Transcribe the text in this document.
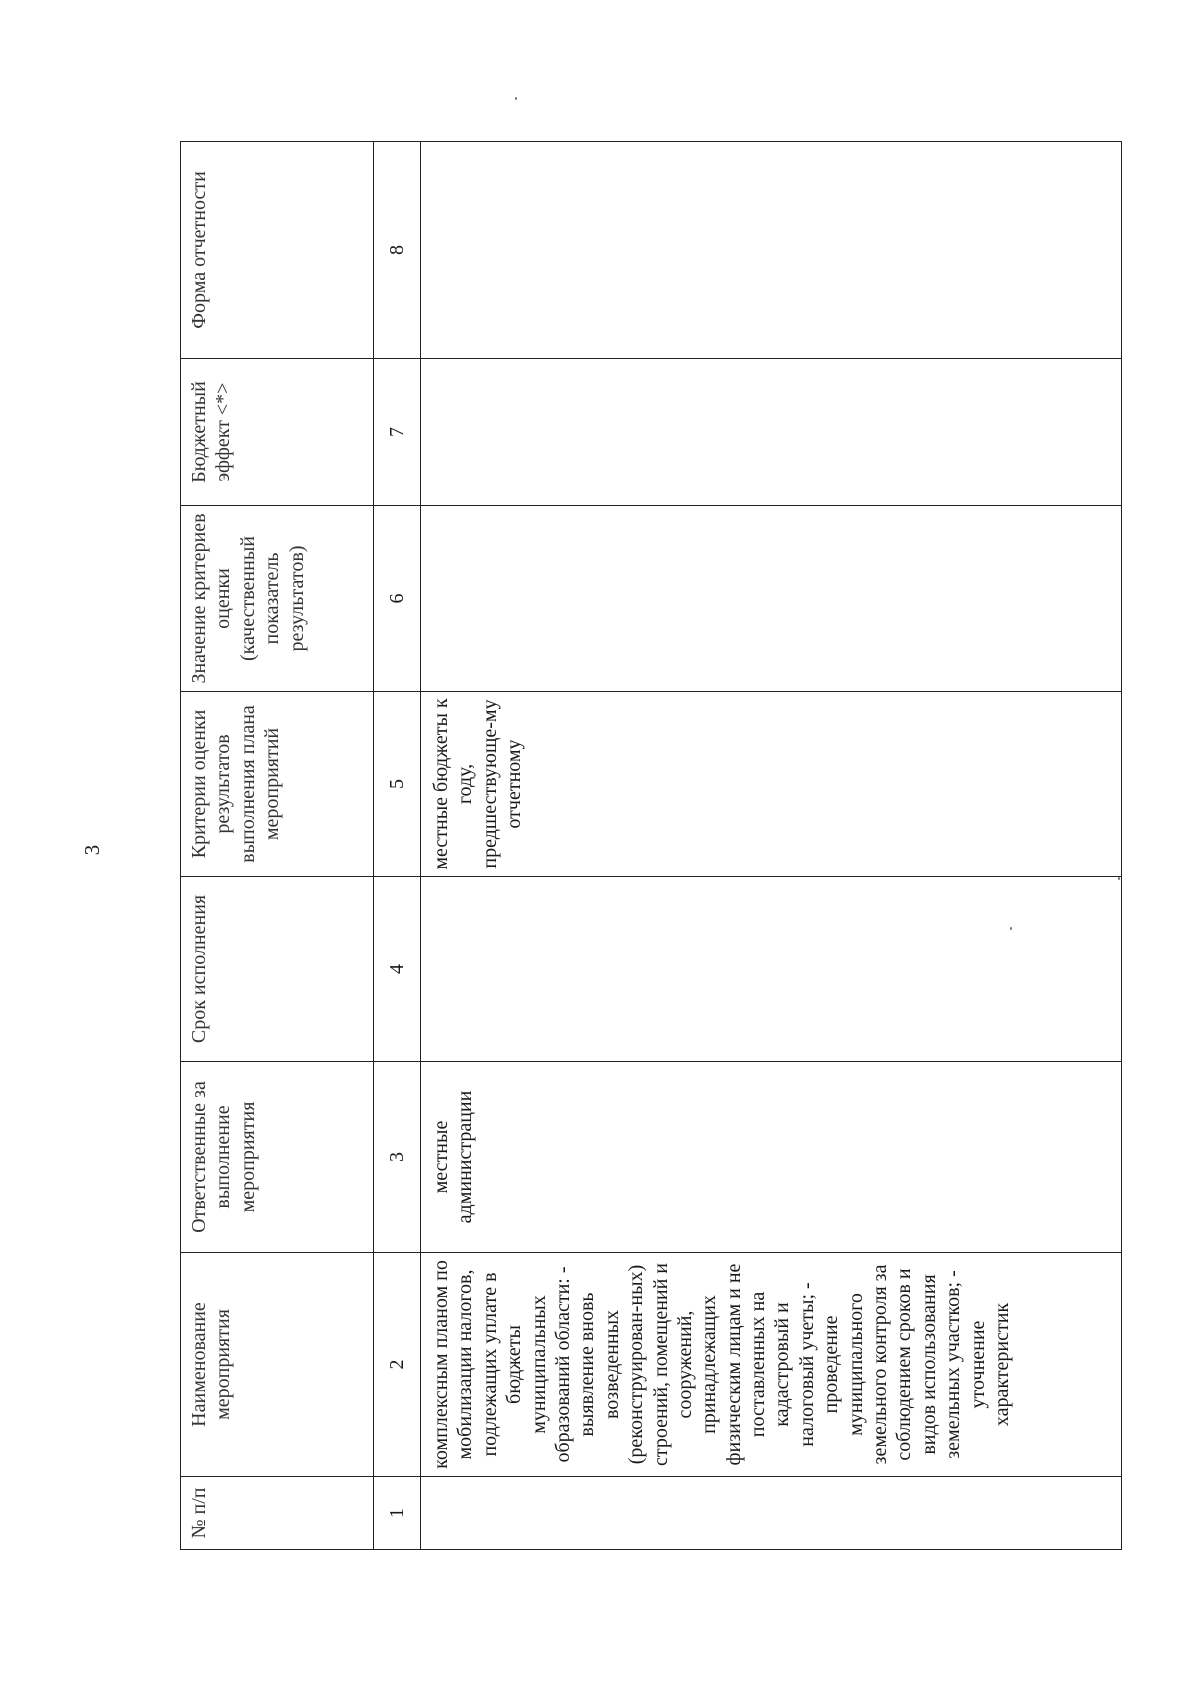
3
№ п/п	Наименование мероприятия	Ответственные за выполнение мероприятия	Срок исполнения	Критерии оценки результатов выполнения плана мероприятий	Значение критериев оценки (качественный показатель результатов)	Бюджетный эффект <*>	Форма отчетности
1	2	3	4	5	6	7	8
	комплексным планом по мобилизации налогов, подлежащих уплате в бюджеты муниципальных образований области: - выявление вновь возведенных (реконструирован-ных) строений, помещений и сооружений, принадлежащих физическим лицам и не поставленных на кадастровый и налоговый учеты; - проведение муниципального земельного контроля за соблюдением сроков и видов использования земельных участков; - уточнение характеристик	местные администрации		местные бюджеты к году, предшествующе-му отчетному			
